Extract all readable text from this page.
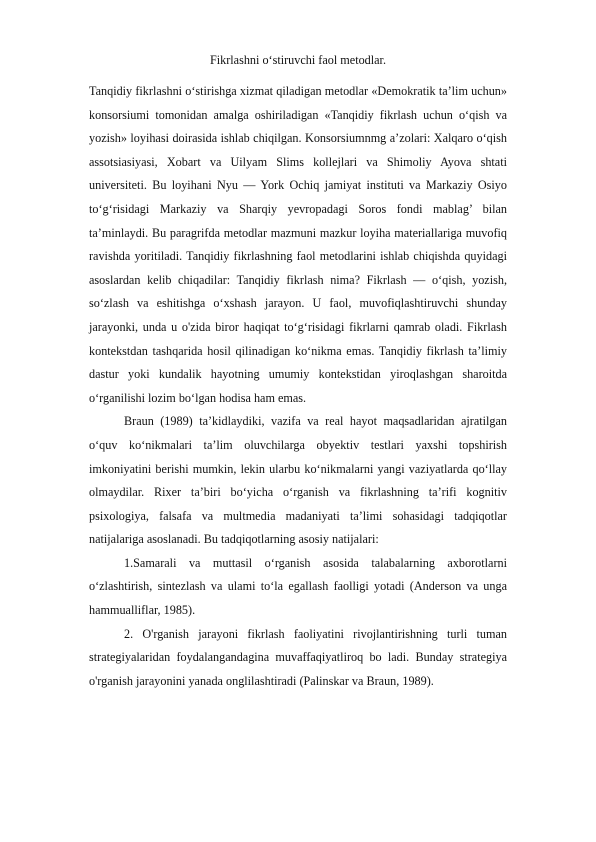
Fikrlashni o‘stiruvchi faol metodlar.

Tanqidiy fikrlashni o‘stirishga xizmat qiladigan metodlar «Demokratik ta’lim uchun» konsorsiumi tomonidan amalga oshiriladigan «Tanqidiy fikrlash uchun o‘qish va yozish» loyihasi doirasida ishlab chiqilgan. Konsorsiumnmg a’zolari: Xalqaro o‘qish assotsiasiyasi, Xobart va Uilyam Slims kollejlari va Shimoliy Ayova shtati universiteti. Bu loyihani Nyu — York Ochiq jamiyat instituti va Markaziy Osiyo to‘g‘risidagi Markaziy va Sharqiy yevropadagi Soros fondi mablag’ bilan ta’minlaydi. Bu paragrifda metodlar mazmuni mazkur loyiha materiallariga muvofiq ravishda yoritiladi. Tanqidiy fikrlashning faol metodlarini ishlab chiqishda quyidagi asoslardan kelib chiqadilar: Tanqidiy fikrlash nima? Fikrlash — o‘qish, yozish, so‘zlash va eshitishga o‘xshash jarayon. U faol, muvofiqlashtiruvchi shunday jarayonki, unda u o'zida biror haqiqat to‘g‘risidagi fikrlarni qamrab oladi. Fikrlash kontekstdan tashqarida hosil qilinadigan ko‘nikma emas. Tanqidiy fikrlash ta’limiy dastur yoki kundalik hayotning umumiy kontekstidan yiroqlashgan sharoitda o‘rganilishi lozim bo‘lgan hodisa ham emas.

Braun (1989) ta’kidlaydiki, vazifa va real hayot maqsadlaridan ajratilgan o‘quv ko‘nikmalari ta’lim oluvchilarga obyektiv testlari yaxshi topshirish imkoniyatini berishi mumkin, lekin ularbu ko‘nikmalarni yangi vaziyatlarda qo‘llay olmaydilar. Rixer ta’biri bo‘yicha o‘rganish va fikrlashning ta’rifi kognitiv psixologiya, falsafa va multmedia madaniyati ta’limi sohasidagi tadqiqotlar natijalariga asoslanadi. Bu tadqiqotlarning asosiy natijalari:

1.Samarali va muttasil o‘rganish asosida talabalarning axborotlarni o‘zlashtirish, sintezlash va ulami to‘la egallash faolligi yotadi (Anderson va unga hammualliflar, 1985).

2. O'rganish jarayoni fikrlash faoliyatini rivojlantirishning turli tuman strategiyalaridan foydalangandagina muvaffaqiyatliroq bo ladi. Bunday strategiya o'rganish jarayonini yanada onglilashtiradi (Palinskar va Braun, 1989).
